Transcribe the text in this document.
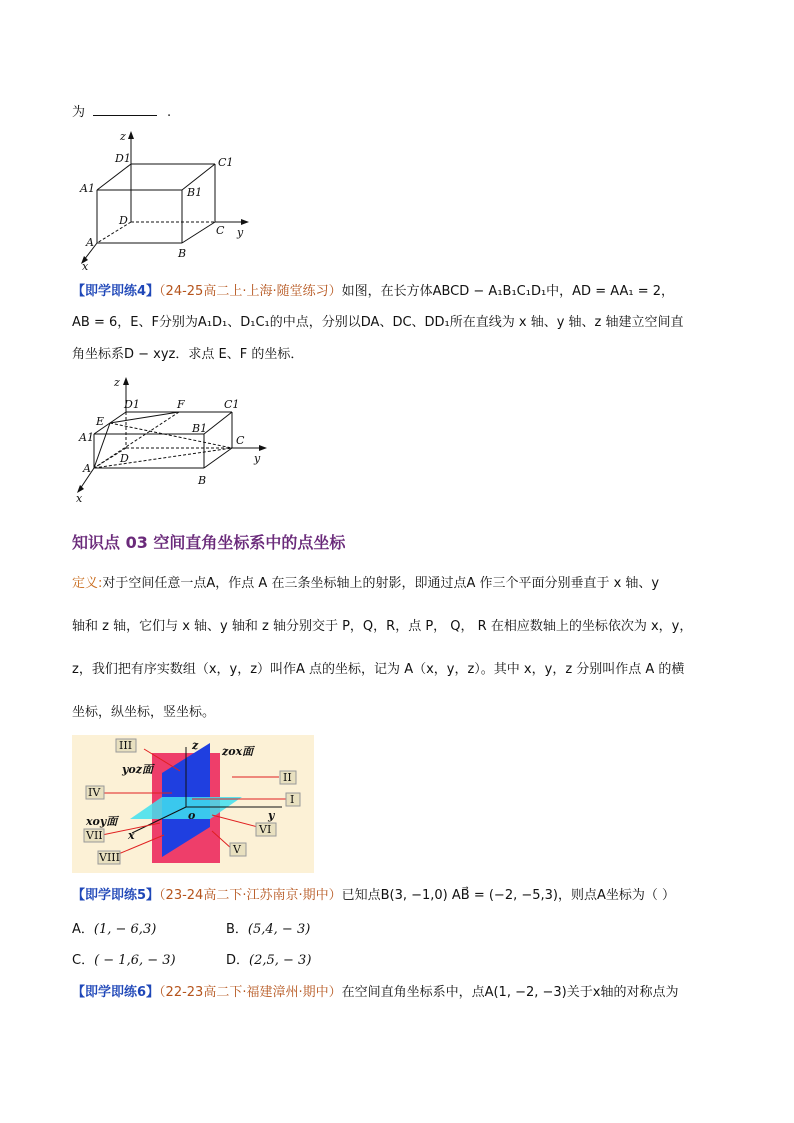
为	.
z
D1	C1
A1	B1
D
C y
A
B
x
【即学即练4】（24-25高二上·上海·随堂练习）如图，在长方体ABCD − A₁B₁C₁D₁中，AD = AA₁ = 2，
AB = 6，E、F分别为A₁D₁、D₁C₁的中点，分别以DA、DC、DD₁所在直线为 x 轴、y 轴、z 轴建立空间直
角坐标系D − xyz．求点 E、F 的坐标．
z
D1	F	C1
E
B1
A1	C
D	y
A
B
x
知识点 03 空间直角坐标系中的点坐标
定义:对于空间任意一点A，作点 A 在三条坐标轴上的射影，即通过点A 作三个平面分别垂直于 x 轴、y
轴和 z 轴，它们与 x 轴、y 轴和 z 轴分别交于 P，Q，R，点 P， Q， R 在相应数轴上的坐标依次为 x，y，
z，我们把有序实数组（x，y，z）叫作A 点的坐标，记为 A（x，y，z）。其中 x，y，z 分别叫作点 A 的横
坐标，纵坐标，竖坐标。
III	z zox面
yoz面
II
IV
I
o	y
xoy面
VI
VII x
V
VIII
【即学即练5】（23-24高二下·江苏南京·期中）已知点B(3, −1,0) AB⃗ = (−2, −5,3)，则点A坐标为（ ）
A．(1, − 6,3)	B．(5,4, − 3)
C．( − 1,6, − 3)	D．(2,5, − 3)
【即学即练6】（22-23高二下·福建漳州·期中）在空间直角坐标系中，点A(1, −2, −3)关于x轴的对称点为
